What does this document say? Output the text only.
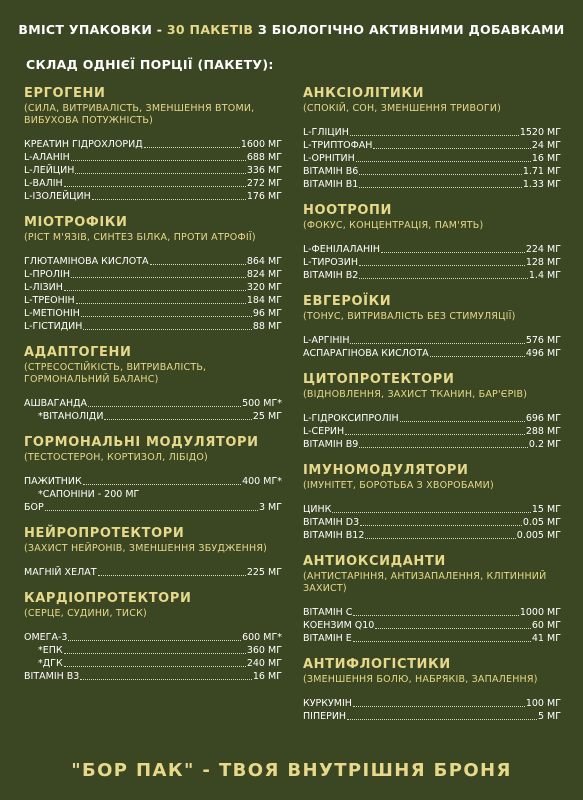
ВМІСТ УПАКОВКИ - 30 ПАКЕТІВ З БІОЛОГІЧНО АКТИВНИМИ ДОБАВКАМИ
СКЛАД ОДНІЄЇ ПОРЦІЇ (ПАКЕТУ):
ЕРГОГЕНИ
(СИЛА, ВИТРИВАЛІСТЬ, ЗМЕНШЕННЯ ВТОМИ, ВИБУХОВА ПОТУЖНІСТЬ)
КРЕАТИН ГІДРОХЛОРИД	1600 МГ
L-АЛАНІН	688 МГ
L-ЛЕЙЦИН	336 МГ
L-ВАЛІН	272 МГ
L-ІЗОЛЕЙЦИН	176 МГ
МІОТРОФІКИ
(РІСТ М'ЯЗІВ, СИНТЕЗ БІЛКА, ПРОТИ АТРОФІЇ)
ГЛЮТАМІНОВА КИСЛОТА	864 МГ
L-ПРОЛІН	824 МГ
L-ЛІЗИН	320 МГ
L-ТРЕОНІН	184 МГ
L-МЕТІОНІН	96 МГ
L-ГІСТИДИН	88 МГ
АДАПТОГЕНИ
(СТРЕСОСТІЙКІСТЬ, ВИТРИВАЛІСТЬ, ГОРМОНАЛЬНИЙ БАЛАНС)
АШВАГАНДА	500 МГ*
*ВІТАНОЛІДИ	25 МГ
ГОРМОНАЛЬНІ МОДУЛЯТОРИ
(ТЕСТОСТЕРОН, КОРТИЗОЛ, ЛІБІДО)
ПАЖИТНИК	400 МГ*
*САПОНІНИ - 200 МГ
БОР	3 МГ
НЕЙРОПРОТЕКТОРИ
(ЗАХИСТ НЕЙРОНІВ, ЗМЕНШЕННЯ ЗБУДЖЕННЯ)
МАГНІЙ ХЕЛАТ	225 МГ
КАРДІОПРОТЕКТОРИ
(СЕРЦЕ, СУДИНИ, ТИСК)
ОМЕГА-3	600 МГ*
*ЕПК	360 МГ
*ДГК	240 МГ
ВІТАМІН В3	16 МГ
АНКСІОЛІТИКИ
(СПОКІЙ, СОН, ЗМЕНШЕННЯ ТРИВОГИ)
L-ГЛІЦИН	1520 МГ
L-ТРИПТОФАН	24 МГ
L-ОРНІТИН	16 МГ
ВІТАМІН В6	1.71 МГ
ВІТАМІН В1	1.33 МГ
НООТРОПИ
(ФОКУС, КОНЦЕНТРАЦІЯ, ПАМ'ЯТЬ)
L-ФЕНІЛАЛАНІН	224 МГ
L-ТИРОЗИН	128 МГ
ВІТАМІН В2	1.4 МГ
ЕВГЕРОЇКИ
(ТОНУС, ВИТРИВАЛІСТЬ БЕЗ СТИМУЛЯЦІЇ)
L-АРГІНІН	576 МГ
АСПАРАГІНОВА КИСЛОТА	496 МГ
ЦИТОПРОТЕКТОРИ
(ВІДНОВЛЕННЯ, ЗАХИСТ ТКАНИН, БАР'ЄРІВ)
L-ГІДРОКСИПРОЛІН	696 МГ
L-СЕРИН	288 МГ
ВІТАМІН В9	0.2 МГ
ІМУНОМОДУЛЯТОРИ
(ІМУНІТЕТ, БОРОТЬБА З ХВОРОБАМИ)
ЦИНК	15 МГ
ВІТАМІН D3	0.05 МГ
ВІТАМІН В12	0.005 МГ
АНТИОКСИДАНТИ
(АНТИСТАРІННЯ, АНТИЗАПАЛЕННЯ, КЛІТИННИЙ ЗАХИСТ)
ВІТАМІН С	1000 МГ
КОЕНЗИМ Q10	60 МГ
ВІТАМІН Е	41 МГ
АНТИФЛОГІСТИКИ
(ЗМЕНШЕННЯ БОЛЮ, НАБРЯКІВ, ЗАПАЛЕННЯ)
КУРКУМІН	100 МГ
ПІПЕРИН	5 МГ
"БОР ПАК" - ТВОЯ ВНУТРІШНЯ БРОНЯ
